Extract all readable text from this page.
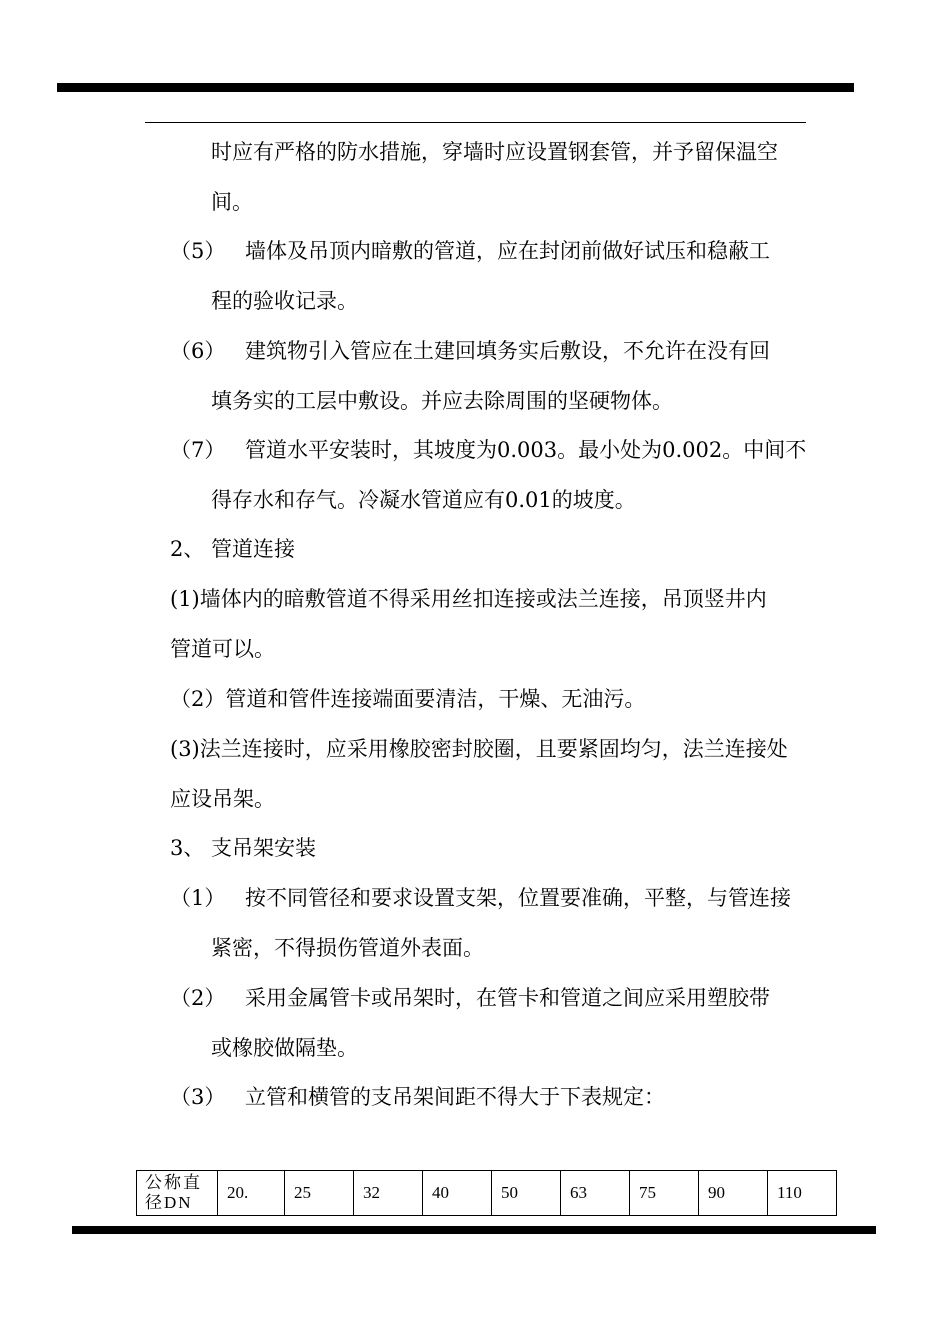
时应有严格的防水措施，穿墙时应设置钢套管，并予留保温空
间。
（5） 墙体及吊顶内暗敷的管道，应在封闭前做好试压和稳蔽工
程的验收记录。
（6） 建筑物引入管应在土建回填务实后敷设，不允许在没有回
填务实的工层中敷设。并应去除周围的坚硬物体。
（7） 管道水平安装时，其坡度为0.003。最小处为0.002。中间不
得存水和存气。冷凝水管道应有0.01的坡度。
2、 管道连接
(1)墙体内的暗敷管道不得采用丝扣连接或法兰连接，吊顶竖井内
管道可以。
（2）管道和管件连接端面要清洁，干燥、无油污。
(3)法兰连接时，应采用橡胶密封胶圈，且要紧固均匀，法兰连接处
应设吊架。
3、 支吊架安装
（1） 按不同管径和要求设置支架，位置要准确，平整，与管连接
紧密，不得损伤管道外表面。
（2） 采用金属管卡或吊架时，在管卡和管道之间应采用塑胶带
或橡胶做隔垫。
（3） 立管和横管的支吊架间距不得大于下表规定：
公称直径DN	20.	25	32	40	50	63	75	90	110
